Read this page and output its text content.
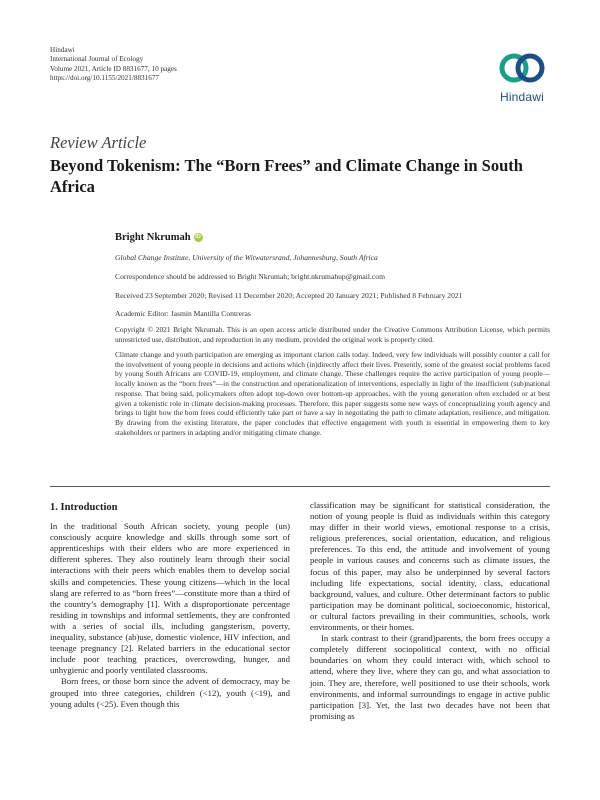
Hindawi
International Journal of Ecology
Volume 2021, Article ID 8831677, 10 pages
https://doi.org/10.1155/2021/8831677
Hindawi
Review Article
Beyond Tokenism: The “Born Frees” and Climate Change in South Africa
Bright Nkrumah iD
Global Change Institute, University of the Witwatersrand, Johannesburg, South Africa
Correspondence should be addressed to Bright Nkrumah; bright.nkrumahup@gmail.com
Received 23 September 2020; Revised 11 December 2020; Accepted 20 January 2021; Published 8 February 2021
Academic Editor: Jasmin Mantilla Contreras
Copyright © 2021 Bright Nkrumah. This is an open access article distributed under the Creative Commons Attribution License, which permits unrestricted use, distribution, and reproduction in any medium, provided the original work is properly cited.
Climate change and youth participation are emerging as important clarion calls today. Indeed, very few individuals will possibly counter a call for the involvement of young people in decisions and actions which (in)directly affect their lives. Presently, some of the greatest social problems faced by young South Africans are COVID-19, employment, and climate change. These challenges require the active participation of young people—locally known as the “born frees”—in the construction and operationalization of interventions, especially in light of the insufficient (sub)national response. That being said, policymakers often adopt top-down over bottom-up approaches, with the young generation often excluded or at best given a tokenistic role in climate decision-making processes. Therefore, this paper suggests some new ways of conceptualizing youth agency and brings to light how the born frees could efficiently take part or have a say in negotiating the path to climate adaptation, resilience, and mitigation. By drawing from the existing literature, the paper concludes that effective engagement with youth is essential in empowering them to key stakeholders or partners in adapting and/or mitigating climate change.
1. Introduction

In the traditional South African society, young people (un) consciously acquire knowledge and skills through some sort of apprenticeships with their elders who are more experienced in different spheres. They also routinely learn through their social interactions with their peers which enables them to develop social skills and competencies. These young citizens—which in the local slang are referred to as “born frees”—constitute more than a third of the country’s demography [1]. With a disproportionate percentage residing in townships and informal settlements, they are confronted with a series of social ills, including gangsterism, poverty, inequality, substance (ab)use, domestic violence, HIV infection, and teenage pregnancy [2]. Related barriers in the educational sector include poor teaching practices, overcrowding, hunger, and unhygienic and poorly ventilated classrooms.

Born frees, or those born since the advent of democracy, may be grouped into three categories, children (<12), youth (<19), and young adults (<25). Even though this

classification may be significant for statistical consideration, the notion of young people is fluid as individuals within this category may differ in their world views, emotional response to a crisis, religious preferences, social orientation, education, and religious preferences. To this end, the attitude and involvement of young people in various causes and concerns such as climate issues, the focus of this paper, may also be underpinned by several factors including life expectations, social identity, class, educational background, values, and culture. Other determinant factors to public participation may be dominant political, socioeconomic, historical, or cultural factors prevailing in their communities, schools, work environments, or their homes.

In stark contrast to their (grand)parents, the born frees occupy a completely different sociopolitical context, with no official boundaries on whom they could interact with, which school to attend, where they live, where they can go, and what association to join. They are, therefore, well positioned to use their schools, work environments, and informal surroundings to engage in active public participation [3]. Yet, the last two decades have not been that promising as
